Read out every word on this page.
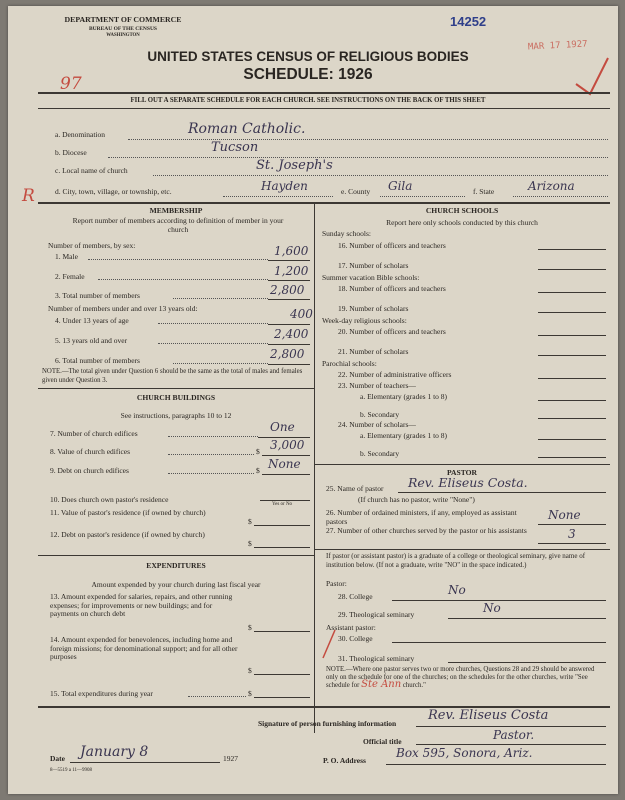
DEPARTMENT OF COMMERCE
BUREAU OF THE CENSUS
WASHINGTON
14252
MAR 17 1927
97
R
UNITED STATES CENSUS OF RELIGIOUS BODIES
SCHEDULE: 1926
FILL OUT A SEPARATE SCHEDULE FOR EACH CHURCH. SEE INSTRUCTIONS ON THE BACK OF THIS SHEET
a. Denomination	Roman Catholic.
b. Diocese	Tucson
c. Local name of church	St. Joseph's
d. City, town, village, or township, etc.	Hayden	e. County Gila	f. State	Arizona
MEMBERSHIP
Report number of members according to definition of member in your church
Number of members, by sex:
1. Male	1,600
2. Female	1,200
3. Total number of members	2,800
Number of members under and over 13 years old:
4. Under 13 years of age	400
5. 13 years old and over	2,400
6. Total number of members	2,800
NOTE.—The total given under Question 6 should be the same as the total of males and females given under Question 3.
CHURCH BUILDINGS
See instructions, paragraphs 10 to 12
7. Number of church edifices	One
8. Value of church edifices	$ 3,000
9. Debt on church edifices	$ None
10. Does church own pastor's residence
Yes or No
11. Value of pastor's residence (if owned by church)
$
12. Debt on pastor's residence (if owned by church)
$
EXPENDITURES
Amount expended by your church during last fiscal year
13. Amount expended for salaries, repairs, and other running expenses; for improvements or new buildings; and for payments on church debt
$
14. Amount expended for benevolences, including home and foreign missions; for denominational support; and for all other purposes
$
15. Total expenditures during year	$
CHURCH SCHOOLS
Report here only schools conducted by this church
Sunday schools:
16. Number of officers and teachers
17. Number of scholars
Summer vacation Bible schools:
18. Number of officers and teachers
19. Number of scholars
Week-day religious schools:
20. Number of officers and teachers
21. Number of scholars
Parochial schools:
22. Number of administrative officers
23. Number of teachers—
a. Elementary (grades 1 to 8)
b. Secondary
24. Number of scholars—
a. Elementary (grades 1 to 8)
b. Secondary
PASTOR
25. Name of pastor Rev. Eliseus Costa.
(If church has no pastor, write "None")
26. Number of ordained ministers, if any, employed as assistant pastors	None
27. Number of other churches served by the pastor or his assistants	3
If pastor (or assistant pastor) is a graduate of a college or theological seminary, give name of institution below. (If not a graduate, write "NO" in the space indicated.)
Pastor:
28. College	No
29. Theological seminary	No
Assistant pastor:
30. College
31. Theological seminary
NOTE.—Where one pastor serves two or more churches, Questions 28 and 29 should be answered only on the schedule for one of the churches; on the schedules for the other churches, write "See schedule for Ste Ann church."
Signature of person furnishing information
Rev. Eliseus Costa
Official title	Pastor.
Date January 8	1927	P. O. Address
Box 595, Sonora, Ariz.
8—5519 a 11—9908
